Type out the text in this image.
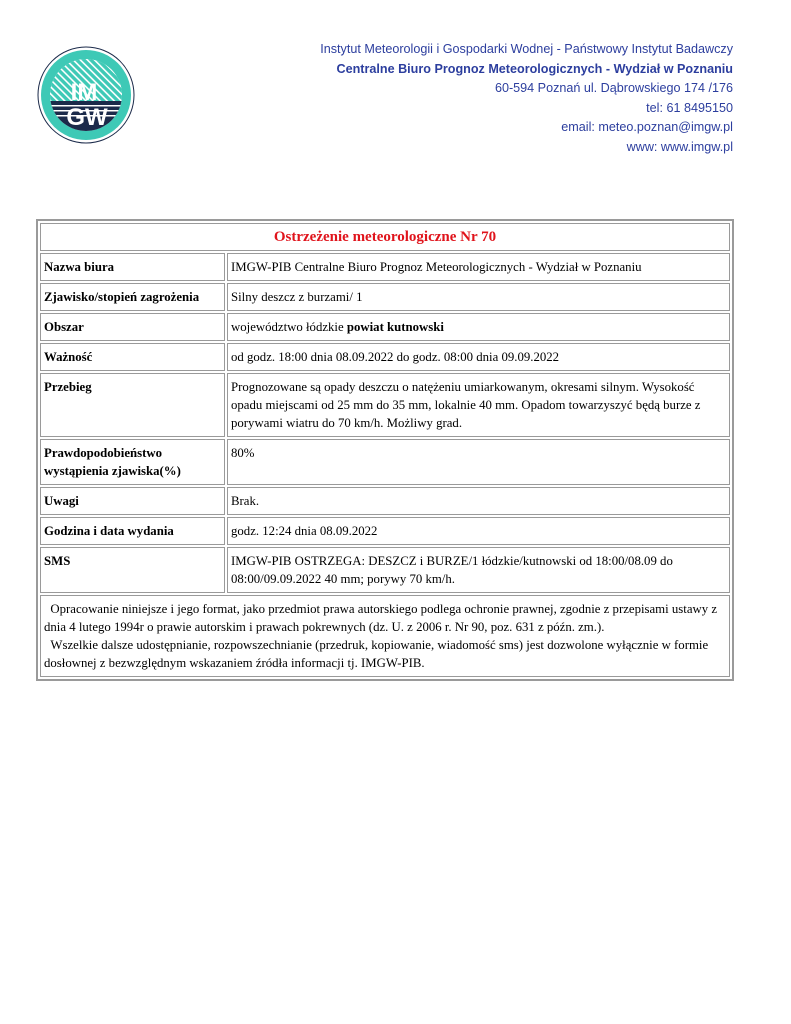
IM
GW
Instytut Meteorologii i Gospodarki Wodnej - Państwowy Instytut Badawczy
Centralne Biuro Prognoz Meteorologicznych - Wydział w Poznaniu
60-594 Poznań ul. Dąbrowskiego 174 /176
tel: 61 8495150
email: meteo.poznan@imgw.pl
www: www.imgw.pl
Ostrzeżenie meteorologiczne Nr 70	
Nazwa biura	IMGW-PIB Centralne Biuro Prognoz Meteorologicznych - Wydział w Poznaniu
Zjawisko/stopień zagrożenia	Silny deszcz z burzami/ 1
Obszar	województwo łódzkie powiat kutnowski
Ważność	od godz. 18:00 dnia 08.09.2022 do godz. 08:00 dnia 09.09.2022
Przebieg	Prognozowane są opady deszczu o natężeniu umiarkowanym, okresami silnym. Wysokość opadu miejscami od 25 mm do 35 mm, lokalnie 40 mm. Opadom towarzyszyć będą burze z porywami wiatru do 70 km/h. Możliwy grad.
Prawdopodobieństwo wystąpienia zjawiska(%)	80%
Uwagi	Brak.
Godzina i data wydania	godz. 12:24 dnia 08.09.2022
SMS	IMGW-PIB OSTRZEGA: DESZCZ i BURZE/1 łódzkie/kutnowski od 18:00/08.09 do 08:00/09.09.2022 40 mm; porywy 70 km/h.

Opracowanie niniejsze i jego format, jako przedmiot prawa autorskiego podlega ochronie prawnej, zgodnie z przepisami ustawy z dnia 4 lutego 1994r o prawie autorskim i prawach pokrewnych (dz. U. z 2006 r. Nr 90, poz. 631 z późn. zm.).
Wszelkie dalsze udostępnianie, rozpowszechnianie (przedruk, kopiowanie, wiadomość sms) jest dozwolone wyłącznie w formie dosłownej z bezwzględnym wskazaniem źródła informacji tj. IMGW-PIB.	
